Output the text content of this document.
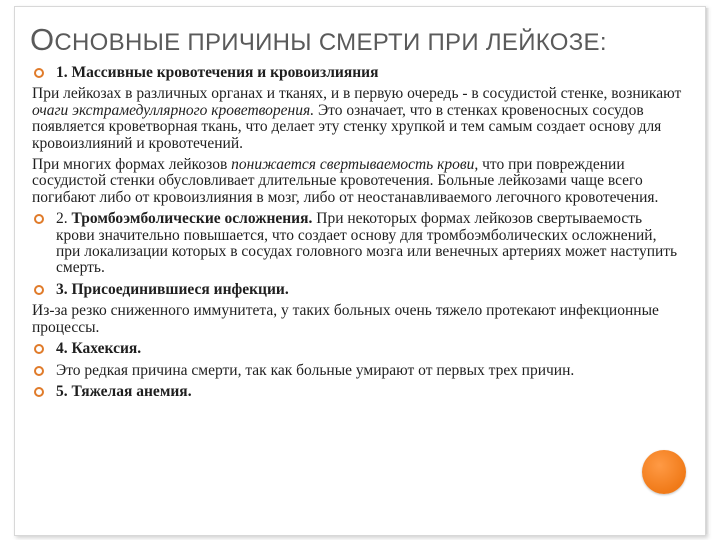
ОСНОВНЫЕ ПРИЧИНЫ СМЕРТИ ПРИ ЛЕЙКОЗЕ:
1. Массивные кровотечения и кровоизлияния
При лейкозах в различных органах и тканях, и в первую очередь - в сосудистой стенке, возникают очаги экстрамедуллярного кроветворения. Это означает, что в стенках кровеносных сосудов появляется кроветворная ткань, что делает эту стенку хрупкой и тем самым создает основу для кровоизлияний и кровотечений.
При многих формах лейкозов понижается свертываемость крови, что при повреждении сосудистой стенки обусловливает длительные кровотечения. Больные лейкозами чаще всего погибают либо от кровоизлияния в мозг, либо от неостанавливаемого легочного кровотечения.
2. Тромбоэмболические осложнения. При некоторых формах лейкозов свертываемость крови значительно повышается, что создает основу для тромбоэмболических осложнений, при локализации которых в сосудах головного мозга или венечных артериях может наступить смерть.
3. Присоединившиеся инфекции.
Из-за резко сниженного иммунитета, у таких больных очень тяжело протекают инфекционные процессы.
4. Кахексия.
Это редкая причина смерти, так как больные умирают от первых трех причин.
5. Тяжелая анемия.
